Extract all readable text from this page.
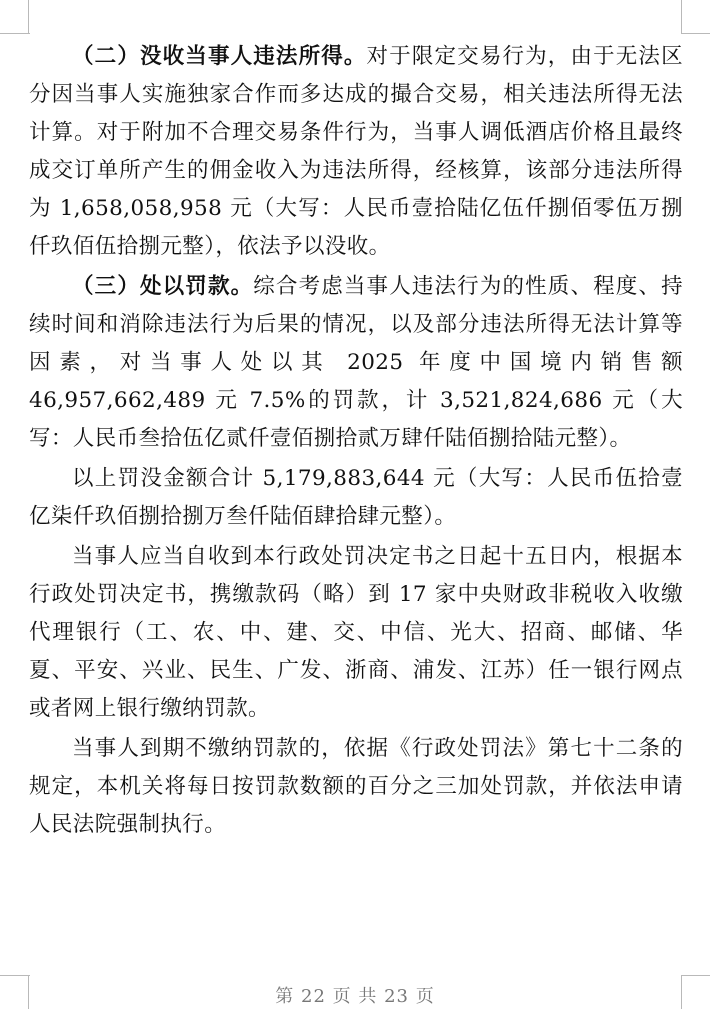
（二）没收当事人违法所得。对于限定交易行为，由于无法区分因当事人实施独家合作而多达成的撮合交易，相关违法所得无法计算。对于附加不合理交易条件行为，当事人调低酒店价格且最终成交订单所产生的佣金收入为违法所得，经核算，该部分违法所得为 1,658,058,958 元（大写：人民币壹拾陆亿伍仟捌佰零伍万捌仟玖佰伍拾捌元整），依法予以没收。

（三）处以罚款。综合考虑当事人违法行为的性质、程度、持续时间和消除违法行为后果的情况，以及部分违法所得无法计算等因素，对当事人处以其 2025 年度中国境内销售额 46,957,662,489 元 7.5%的罚款，计 3,521,824,686 元（大写：人民币叁拾伍亿贰仟壹佰捌拾贰万肆仟陆佰捌拾陆元整）。

以上罚没金额合计 5,179,883,644 元（大写：人民币伍拾壹亿柒仟玖佰捌拾捌万叁仟陆佰肆拾肆元整）。

当事人应当自收到本行政处罚决定书之日起十五日内，根据本行政处罚决定书，携缴款码（略）到 17 家中央财政非税收入收缴代理银行（工、农、中、建、交、中信、光大、招商、邮储、华夏、平安、兴业、民生、广发、浙商、浦发、江苏）任一银行网点或者网上银行缴纳罚款。

当事人到期不缴纳罚款的，依据《行政处罚法》第七十二条的规定，本机关将每日按罚款数额的百分之三加处罚款，并依法申请人民法院强制执行。

第 22 页 共 23 页
